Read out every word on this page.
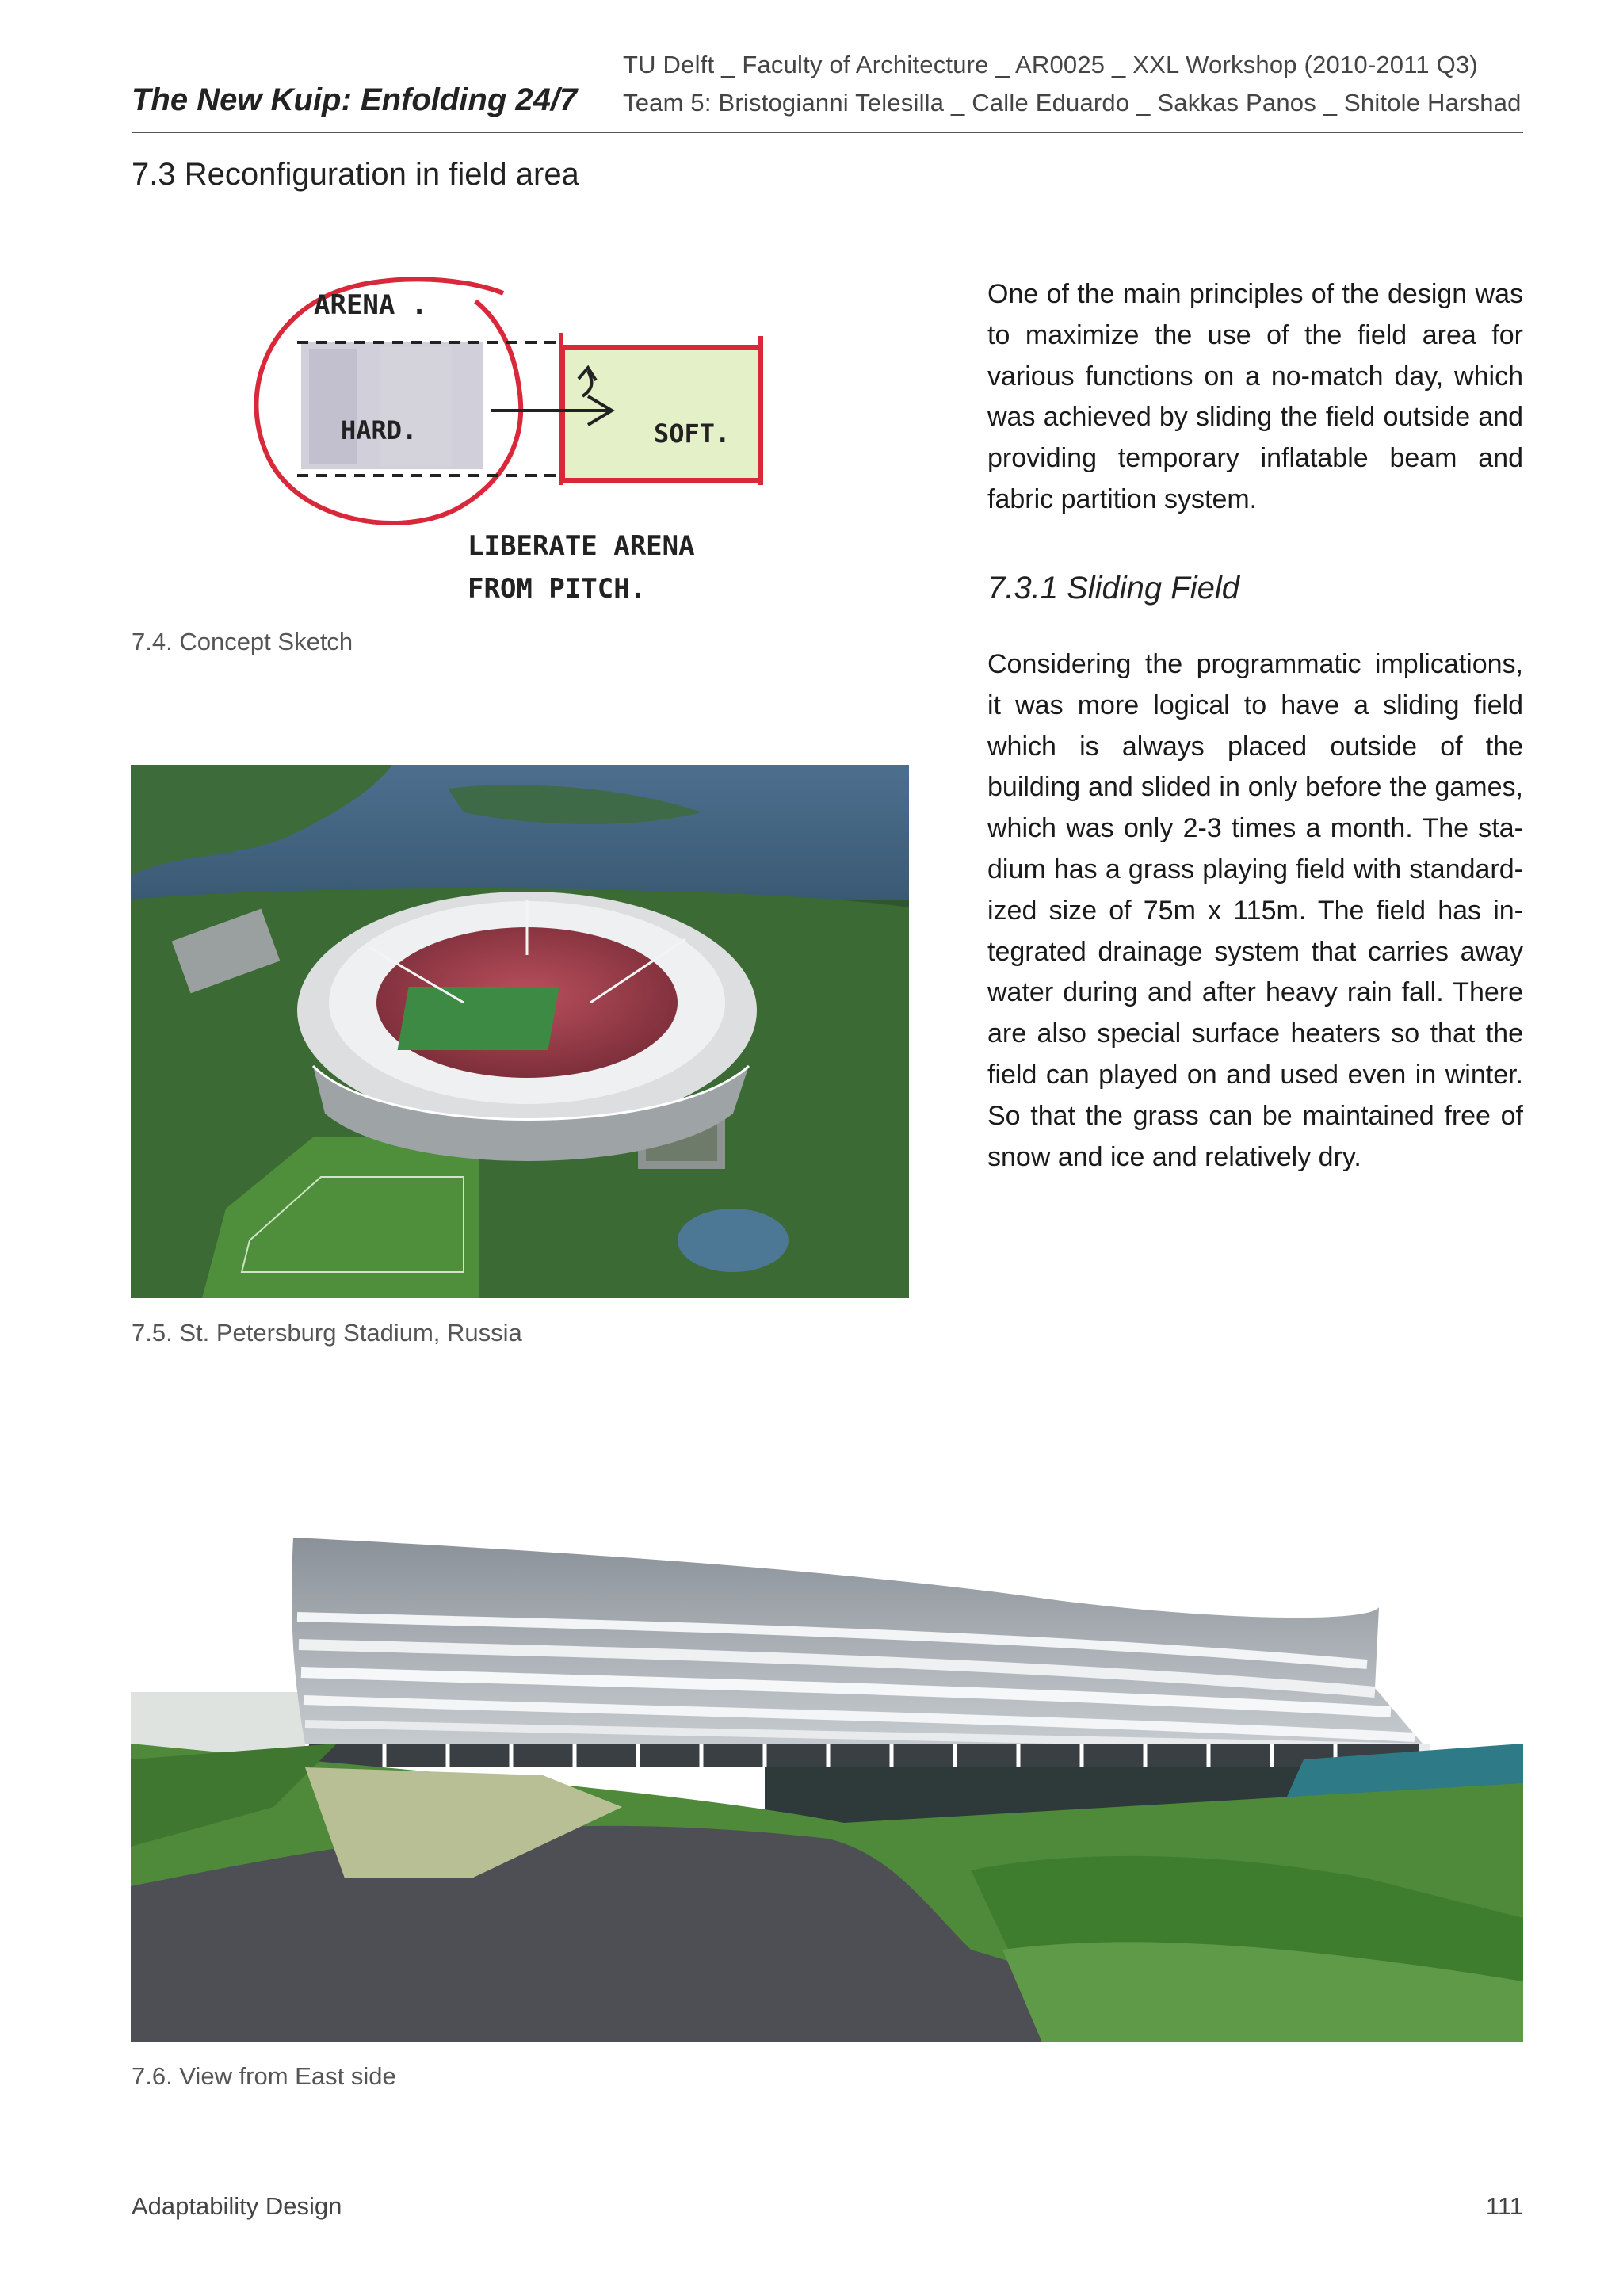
TU Delft _ Faculty of Architecture _ AR0025 _ XXL Workshop (2010-2011 Q3)
The New Kuip: Enfolding 24/7 Team 5: Bristogianni Telesilla _ Calle Eduardo _ Sakkas Panos _ Shitole Harshad
7.3 Reconfiguration in field area
ARENA .
HARD.	SOFT.
LIBERATE ARENA
FROM PITCH.
7.4. Concept Sketch
7.5. St. Petersburg Stadium, Russia
One of the main principles of the design was to maximize the use of the field area for various functions on a no-match day, which was achieved by sliding the field outside and providing temporary inflatable beam and fabric partition system.
7.3.1 Sliding Field
Considering the programmatic implications, it was more logical to have a sliding field which is always placed outside of the building and slided in only before the games, which was only 2-3 times a month. The stadium has a grass playing field with standardized size of 75m x 115m. The field has integrated drainage system that carries away water during and after heavy rain fall. There are also special surface heaters so that the field can played on and used even in winter. So that the grass can be maintained free of snow and ice and relatively dry.
7.6. View from East side
Adaptability Design	111
